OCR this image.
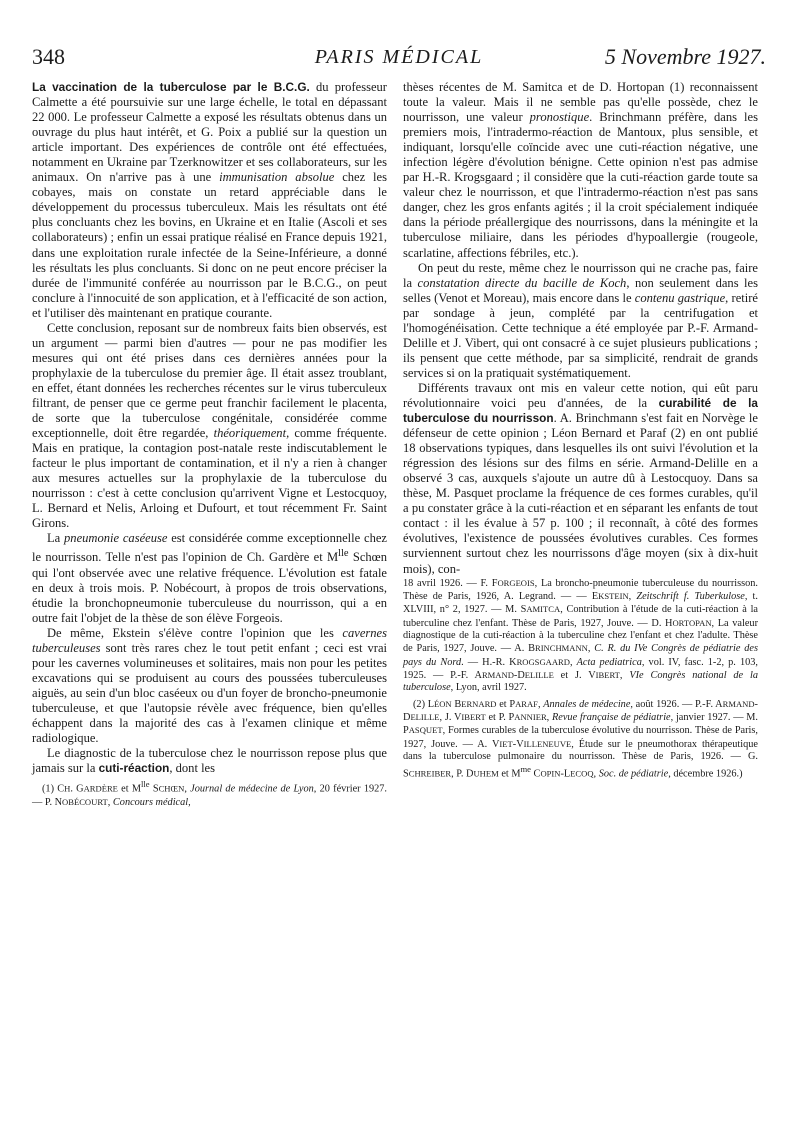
348	PARIS MÉDICAL	5 Novembre 1927.

La vaccination de la tuberculose par le B.C.G. du professeur Calmette a été poursuivie sur une large échelle, le total en dépassant 22 000. Le professeur Calmette a exposé les résultats obtenus dans un ouvrage du plus haut intérêt, et G. Poix a publié sur la question un article important. Des expériences de contrôle ont été effectuées, notamment en Ukraine par Tzerknowitzer et ses collaborateurs, sur les animaux. On n'arrive pas à une immunisation absolue chez les cobayes, mais on constate un retard appréciable dans le développement du processus tuberculeux. Mais les résultats ont été plus concluants chez les bovins, en Ukraine et en Italie (Ascoli et ses collaborateurs) ; enfin un essai pratique réalisé en France depuis 1921, dans une exploitation rurale infectée de la Seine-Inférieure, a donné les résultats les plus concluants. Si donc on ne peut encore préciser la durée de l'immunité conférée au nourrisson par le B.C.G., on peut conclure à l'innocuité de son application, et à l'efficacité de son action, et l'utiliser dès maintenant en pratique courante.

Cette conclusion, reposant sur de nombreux faits bien observés, est un argument — parmi bien d'autres — pour ne pas modifier les mesures qui ont été prises dans ces dernières années pour la prophylaxie de la tuberculose du premier âge. Il était assez troublant, en effet, étant données les recherches récentes sur le virus tuberculeux filtrant, de penser que ce germe peut franchir facilement le placenta, de sorte que la tuberculose congénitale, considérée comme exceptionnelle, doit être regardée, théoriquement, comme fréquente. Mais en pratique, la contagion post-natale reste indiscutablement le facteur le plus important de contamination, et il n'y a rien à changer aux mesures actuelles sur la prophylaxie de la tuberculose du nourrisson : c'est à cette conclusion qu'arrivent Vigne et Lestocquoy, L. Bernard et Nelis, Arloing et Dufourt, et tout récemment Fr. Saint Girons.

La pneumonie caséeuse est considérée comme exceptionnelle chez le nourrisson. Telle n'est pas l'opinion de Ch. Gardère et $M^{lle}$ Schœn qui l'ont observée avec une relative fréquence. L'évolution est fatale en deux à trois mois. P. Nobécourt, à propos de trois observations, étudie la bronchopneumonie tuberculeuse du nourrisson, qui a en outre fait l'objet de la thèse de son élève Forgeois.

De même, Ekstein s'élève contre l'opinion que les cavernes tuberculeuses sont très rares chez le tout petit enfant ; ceci est vrai pour les cavernes volumineuses et solitaires, mais non pour les petites excavations qui se produisent au cours des poussées tuberculeuses aiguës, au sein d'un bloc caséeux ou d'un foyer de broncho-pneumonie tuberculeuse, et que l'autopsie révèle avec fréquence, bien qu'elles échappent dans la majorité des cas à l'examen clinique et même radiologique.

Le diagnostic de la tuberculose chez le nourrisson repose plus que jamais sur la cuti-réaction, dont les

(1) CH. GARDÈRE et $M^{lle}$ SCHŒN, Journal de médecine de Lyon, 20 février 1927. — P. NOBÉCOURT, Concours médical,

thèses récentes de M. Samitca et de D. Hortopan (1) reconnaissent toute la valeur. Mais il ne semble pas qu'elle possède, chez le nourrisson, une valeur pronostique. Brinchmann préfère, dans les premiers mois, l'intradermo-réaction de Mantoux, plus sensible, et indiquant, lorsqu'elle coïncide avec une cuti-réaction négative, une infection légère d'évolution bénigne. Cette opinion n'est pas admise par H.-R. Krogsgaard ; il considère que la cuti-réaction garde toute sa valeur chez le nourrisson, et que l'intradermo-réaction n'est pas sans danger, chez les gros enfants agités ; il la croit spécialement indiquée dans la période préallergique des nourrissons, dans la méningite et la tuberculose miliaire, dans les périodes d'hypoallergie (rougeole, scarlatine, affections fébriles, etc.).

On peut du reste, même chez le nourrisson qui ne crache pas, faire la constatation directe du bacille de Koch, non seulement dans les selles (Venot et Moreau), mais encore dans le contenu gastrique, retiré par sondage à jeun, complété par la centrifugation et l'homogénéisation. Cette technique a été employée par P.-F. Armand-Delille et J. Vibert, qui ont consacré à ce sujet plusieurs publications ; ils pensent que cette méthode, par sa simplicité, rendrait de grands services si on la pratiquait systématiquement.

Différents travaux ont mis en valeur cette notion, qui eût paru révolutionnaire voici peu d'années, de la curabilité de la tuberculose du nourrisson. A. Brinchmann s'est fait en Norvège le défenseur de cette opinion ; Léon Bernard et Paraf (2) en ont publié 18 observations typiques, dans lesquelles ils ont suivi l'évolution et la régression des lésions sur des films en série. Armand-Delille en a observé 3 cas, auxquels s'ajoute un autre dû à Lestocquoy. Dans sa thèse, M. Pasquet proclame la fréquence de ces formes curables, qu'il a pu constater grâce à la cuti-réaction et en séparant les enfants de tout contact : il les évalue à 57 p. 100 ; il reconnaît, à côté des formes évolutives, l'existence de poussées évolutives curables. Ces formes surviennent surtout chez les nourrissons d'âge moyen (six à dix-huit mois), con-

18 avril 1926. — F. FORGEOIS, La broncho-pneumonie tuberculeuse du nourrisson. Thèse de Paris, 1926, A. Legrand. — — EKSTEIN, Zeitschrift f. Tuberkulose, t. XLVIII, n° 2, 1927. — M. SAMITCA, Contribution à l'étude de la cuti-réaction à la tuberculine chez l'enfant. Thèse de Paris, 1927, Jouve. — D. HORTOPAN, La valeur diagnostique de la cuti-réaction à la tuberculine chez l'enfant et chez l'adulte. Thèse de Paris, 1927, Jouve. — A. BRINCHMANN, C. R. du IVe Congrès de pédiatrie des pays du Nord. — H.-R. KROGSGAARD, Acta pediatrica, vol. IV, fasc. 1-2, p. 103, 1925. — P.-F. ARMAND-DELILLE et J. VIBERT, VIe Congrès national de la tuberculose, Lyon, avril 1927.

(2) LÉON BERNARD et PARAF, Annales de médecine, août 1926. — P.-F. ARMAND-DELILLE, J. VIBERT et P. PANNIER, Revue française de pédiatrie, janvier 1927. — M. PASQUET, Formes curables de la tuberculose évolutive du nourrisson. Thèse de Paris, 1927, Jouve. — A. VIET-VILLENEUVE, Étude sur le pneumothorax thérapeutique dans la tuberculose pulmonaire du nourrisson. Thèse de Paris, 1926. — G. SCHREIBER, P. DUHEM et $M^{me}$ COPIN-LECOQ, Soc. de pédiatrie, décembre 1926.)
